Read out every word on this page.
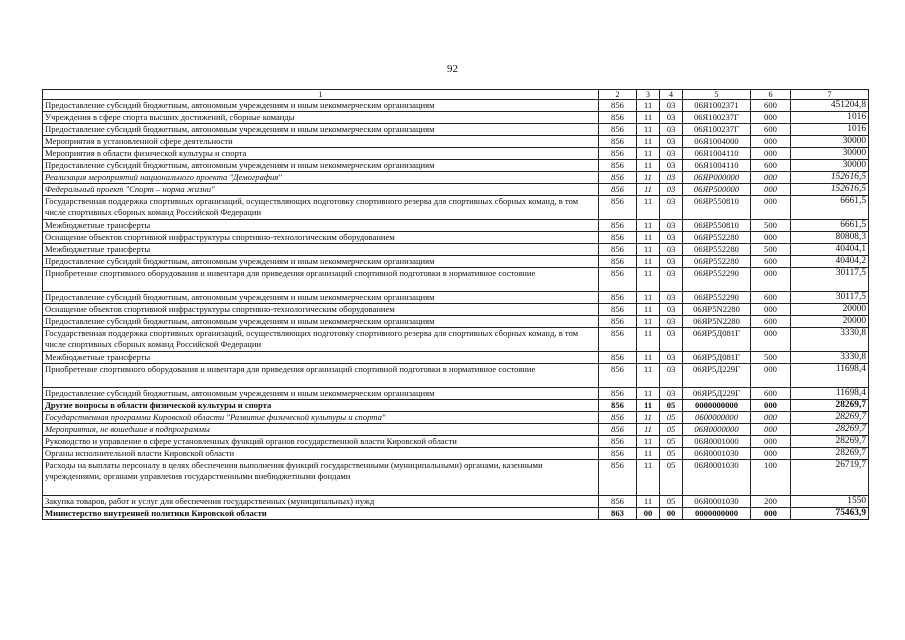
92
1	2	3	4	5	6	7
Предоставление субсидий бюджетным, автономным учреждениям и иным некоммерческим организациям	856	11	03	06Я1002371	600	451204,8
Учреждения в сфере спорта высших достижений, сборные команды	856	11	03	06Я100237Г	000	1016
Предоставление субсидий бюджетным, автономным учреждениям и иным некоммерческим организациям	856	11	03	06Я100237Г	600	1016
Мероприятия в установленной сфере деятельности	856	11	03	06Я1004000	000	30000
Мероприятия в области физической культуры и спорта	856	11	03	06Я1004110	000	30000
Предоставление субсидий бюджетным, автономным учреждениям и иным некоммерческим организациям	856	11	03	06Я1004110	600	30000
Реализация мероприятий национального проекта "Демография"	856	11	03	06ЯР000000	000	152616,5
Федеральный проект "Спорт – норма жизни"	856	11	03	06ЯР500000	000	152616,5
Государственная поддержка спортивных организаций, осуществляющих подготовку спортивного резерва для спортивных сборных команд, в том числе спортивных сборных команд Российской Федерации	856	11	03	06ЯР550810	000	6661,5
Межбюджетные трансферты	856	11	03	06ЯР550810	500	6661,5
Оснащение объектов спортивной инфраструктуры спортивно-технологическим оборудованием	856	11	03	06ЯР552280	000	80808,3
Межбюджетные трансферты	856	11	03	06ЯР552280	500	40404,1
Предоставление субсидий бюджетным, автономным учреждениям и иным некоммерческим организациям	856	11	03	06ЯР552280	600	40404,2
Приобретение спортивного оборудования и инвентаря для приведения организаций спортивной подготовки в нормативное состояние	856	11	03	06ЯР552290	000	30117,5
Предоставление субсидий бюджетным, автономным учреждениям и иным некоммерческим организациям	856	11	03	06ЯР552290	600	30117,5
Оснащение объектов спортивной инфраструктуры спортивно-технологическим оборудованием	856	11	03	06ЯР5N2280	000	20000
Предоставление субсидий бюджетным, автономным учреждениям и иным некоммерческим организациям	856	11	03	06ЯР5N2280	600	20000
Государственная поддержка спортивных организаций, осуществляющих подготовку спортивного резерва для спортивных сборных команд, в том числе спортивных сборных команд Российской Федерации	856	11	03	06ЯР5Д081Г	000	3330,8
Межбюджетные трансферты	856	11	03	06ЯР5Д081Г	500	3330,8
Приобретение спортивного оборудования и инвентаря для приведения организаций спортивной подготовки в нормативное состояние	856	11	03	06ЯР5Д229Г	000	11698,4
Предоставление субсидий бюджетным, автономным учреждениям и иным некоммерческим организациям	856	11	03	06ЯР5Д229Г	600	11698,4
Другие вопросы в области физической культуры и спорта	856	11	05	0000000000	000	28269,7
Государственная программа Кировской области "Развитие физической культуры и спорта"	856	11	05	0600000000	000	28269,7
Мероприятия, не вошедшие в подпрограммы	856	11	05	06Я0000000	000	28269,7
Руководство и управление в сфере установленных функций органов государственной власти Кировской области	856	11	05	06Я0001000	000	28269,7
Органы исполнительной власти Кировской области	856	11	05	06Я0001030	000	28269,7
Расходы на выплаты персоналу в целях обеспечения выполнения функций государственными (муниципальными) органами, казенными учреждениями, органами управления государственными внебюджетными фондами	856	11	05	06Я0001030	100	26719,7
Закупка товаров, работ и услуг для обеспечения государственных (муниципальных) нужд	856	11	05	06Я0001030	200	1550
Министерство внутренней политики Кировской области	863	00	00	0000000000	000	75463,9
